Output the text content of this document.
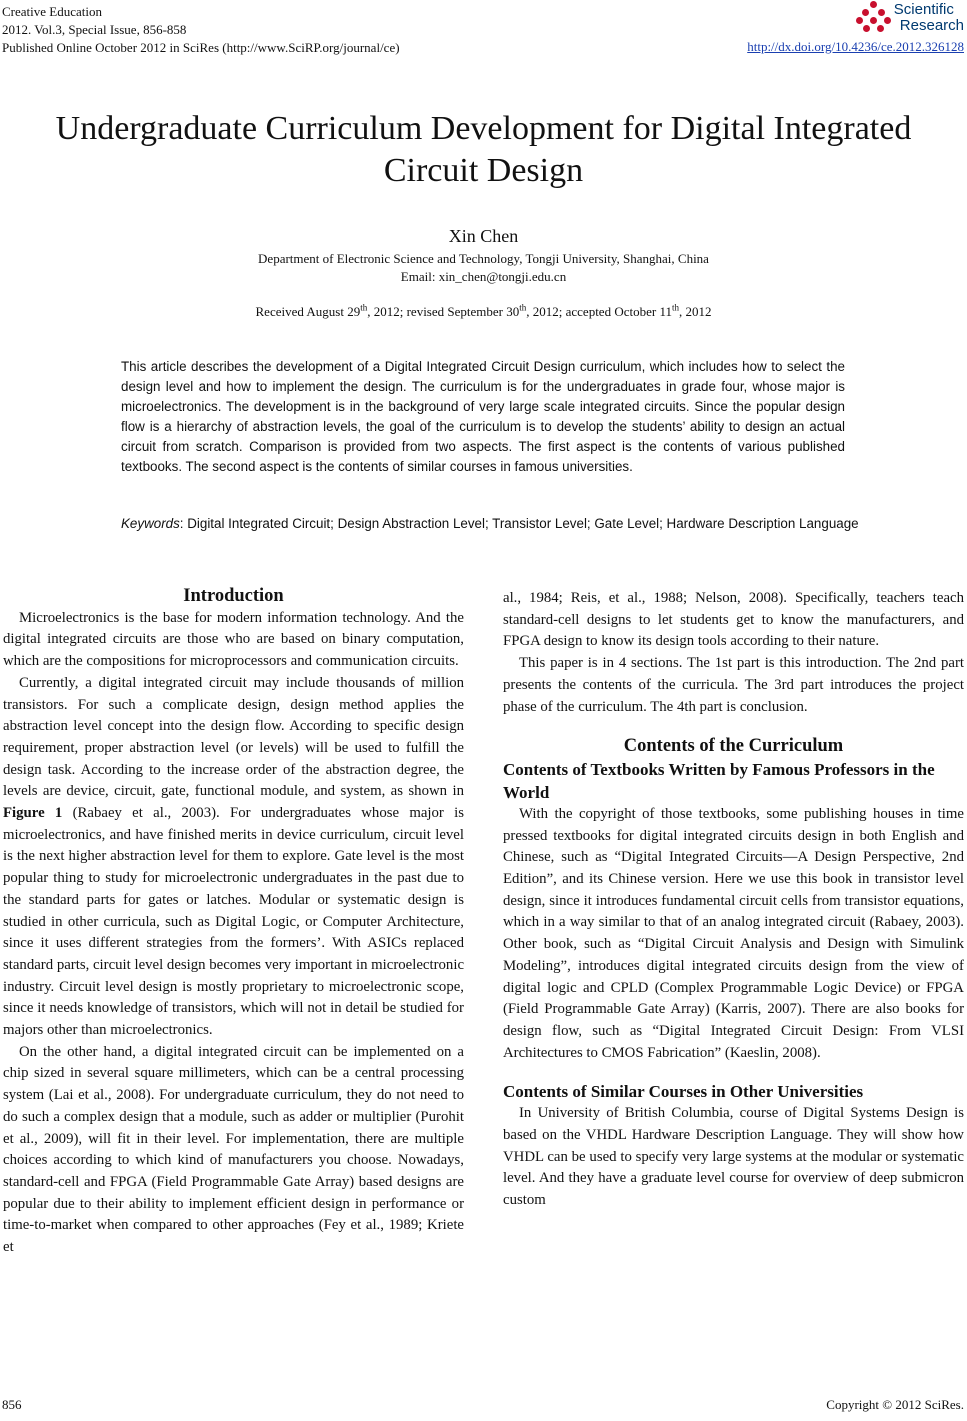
Creative Education
2012. Vol.3, Special Issue, 856-858
Published Online October 2012 in SciRes (http://www.SciRP.org/journal/ce)	http://dx.doi.org/10.4236/ce.2012.326128
Scientific
Research
Undergraduate Curriculum Development for Digital Integrated
Circuit Design
Xin Chen
Department of Electronic Science and Technology, Tongji University, Shanghai, China
Email: xin_chen@tongji.edu.cn
Received August 29th, 2012; revised September 30th, 2012; accepted October 11th, 2012
This article describes the development of a Digital Integrated Circuit Design curriculum, which includes how to select the design level and how to implement the design. The curriculum is for the undergraduates in grade four, whose major is microelectronics. The development is in the background of very large scale integrated circuits. Since the popular design flow is a hierarchy of abstraction levels, the goal of the curriculum is to develop the students’ ability to design an actual circuit from scratch. Comparison is provided from two aspects. The first aspect is the contents of various published textbooks. The second aspect is the contents of similar courses in famous universities.
Keywords: Digital Integrated Circuit; Design Abstraction Level; Transistor Level; Gate Level; Hardware Description Language

Introduction

Microelectronics is the base for modern information technology. And the digital integrated circuits are those who are based on binary computation, which are the compositions for microprocessors and communication circuits.

Currently, a digital integrated circuit may include thousands of million transistors. For such a complicate design, design method applies the abstraction level concept into the design flow. According to specific design requirement, proper abstraction level (or levels) will be used to fulfill the design task. According to the increase order of the abstraction degree, the levels are device, circuit, gate, functional module, and system, as shown in Figure 1 (Rabaey et al., 2003). For undergraduates whose major is microelectronics, and have finished merits in device curriculum, circuit level is the next higher abstraction level for them to explore. Gate level is the most popular thing to study for microelectronic undergraduates in the past due to the standard parts for gates or latches. Modular or systematic design is studied in other curricula, such as Digital Logic, or Computer Architecture, since it uses different strategies from the formers’. With ASICs replaced standard parts, circuit level design becomes very important in microelectronic industry. Circuit level design is mostly proprietary to microelectronic scope, since it needs knowledge of transistors, which will not in detail be studied for majors other than microelectronics.

On the other hand, a digital integrated circuit can be implemented on a chip sized in several square millimeters, which can be a central processing system (Lai et al., 2008). For undergraduate curriculum, they do not need to do such a complex design that a module, such as adder or multiplier (Purohit et al., 2009), will fit in their level. For implementation, there are multiple choices according to which kind of manufacturers you choose. Nowadays, standard-cell and FPGA (Field Programmable Gate Array) based designs are popular due to their ability to implement efficient design in performance or time-to-market when compared to other approaches (Fey et al., 1989; Kriete et

al., 1984; Reis, et al., 1988; Nelson, 2008). Specifically, teachers teach standard-cell designs to let students get to know the manufacturers, and FPGA design to know its design tools according to their nature.

This paper is in 4 sections. The 1st part is this introduction. The 2nd part presents the contents of the curricula. The 3rd part introduces the project phase of the curriculum. The 4th part is conclusion.

Contents of the Curriculum

Contents of Textbooks Written by Famous Professors in the World

With the copyright of those textbooks, some publishing houses in time pressed textbooks for digital integrated circuits design in both English and Chinese, such as “Digital Integrated Circuits—A Design Perspective, 2nd Edition”, and its Chinese version. Here we use this book in transistor level design, since it introduces fundamental circuit cells from transistor equations, which in a way similar to that of an analog integrated circuit (Rabaey, 2003). Other book, such as “Digital Circuit Analysis and Design with Simulink Modeling”, introduces digital integrated circuits design from the view of digital logic and CPLD (Complex Programmable Logic Device) or FPGA (Field Programmable Gate Array) (Karris, 2007). There are also books for design flow, such as “Digital Integrated Circuit Design: From VLSI Architectures to CMOS Fabrication” (Kaeslin, 2008).

Contents of Similar Courses in Other Universities

In University of British Columbia, course of Digital Systems Design is based on the VHDL Hardware Description Language. They will show how VHDL can be used to specify very large systems at the modular or systematic level. And they have a graduate level course for overview of deep submicron custom

856	Copyright © 2012 SciRes.
